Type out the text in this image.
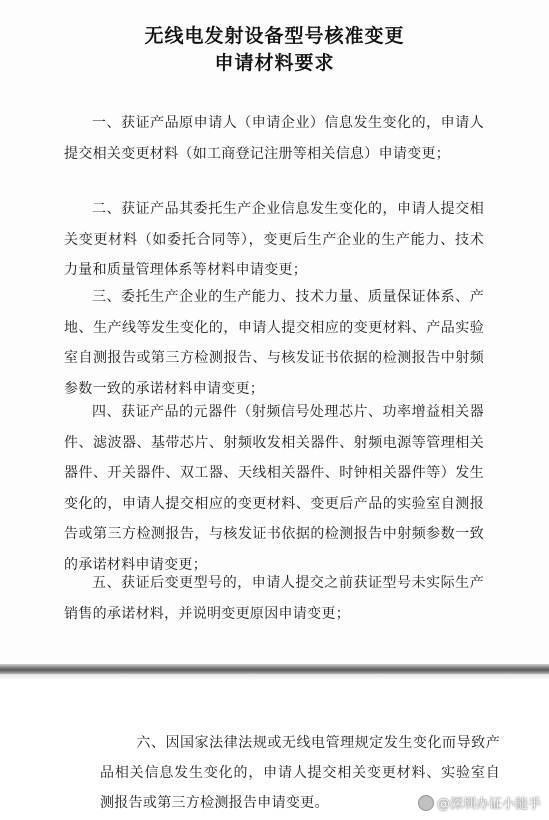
无线电发射设备型号核准变更
申请材料要求
一、获证产品原申请人（申请企业）信息发生变化的，申请人提交相关变更材料（如工商登记注册等相关信息）申请变更；
二、获证产品其委托生产企业信息发生变化的，申请人提交相关变更材料（如委托合同等），变更后生产企业的生产能力、技术力量和质量管理体系等材料申请变更；
三、委托生产企业的生产能力、技术力量、质量保证体系、产地、生产线等发生变化的，申请人提交相应的变更材料、产品实验室自测报告或第三方检测报告、与核发证书依据的检测报告中射频参数一致的承诺材料申请变更；
四、获证产品的元器件（射频信号处理芯片、功率增益相关器件、滤波器、基带芯片、射频收发相关器件、射频电源等管理相关器件、开关器件、双工器、天线相关器件、时钟相关器件等）发生变化的，申请人提交相应的变更材料、变更后产品的实验室自测报告或第三方检测报告，与核发证书依据的检测报告中射频参数一致的承诺材料申请变更；
五、获证后变更型号的，申请人提交之前获证型号未实际生产销售的承诺材料，并说明变更原因申请变更；
六、因国家法律法规或无线电管理规定发生变化而导致产品相关信息发生变化的，申请人提交相关变更材料、实验室自测报告或第三方检测报告申请变更。	@深圳办证小能手
